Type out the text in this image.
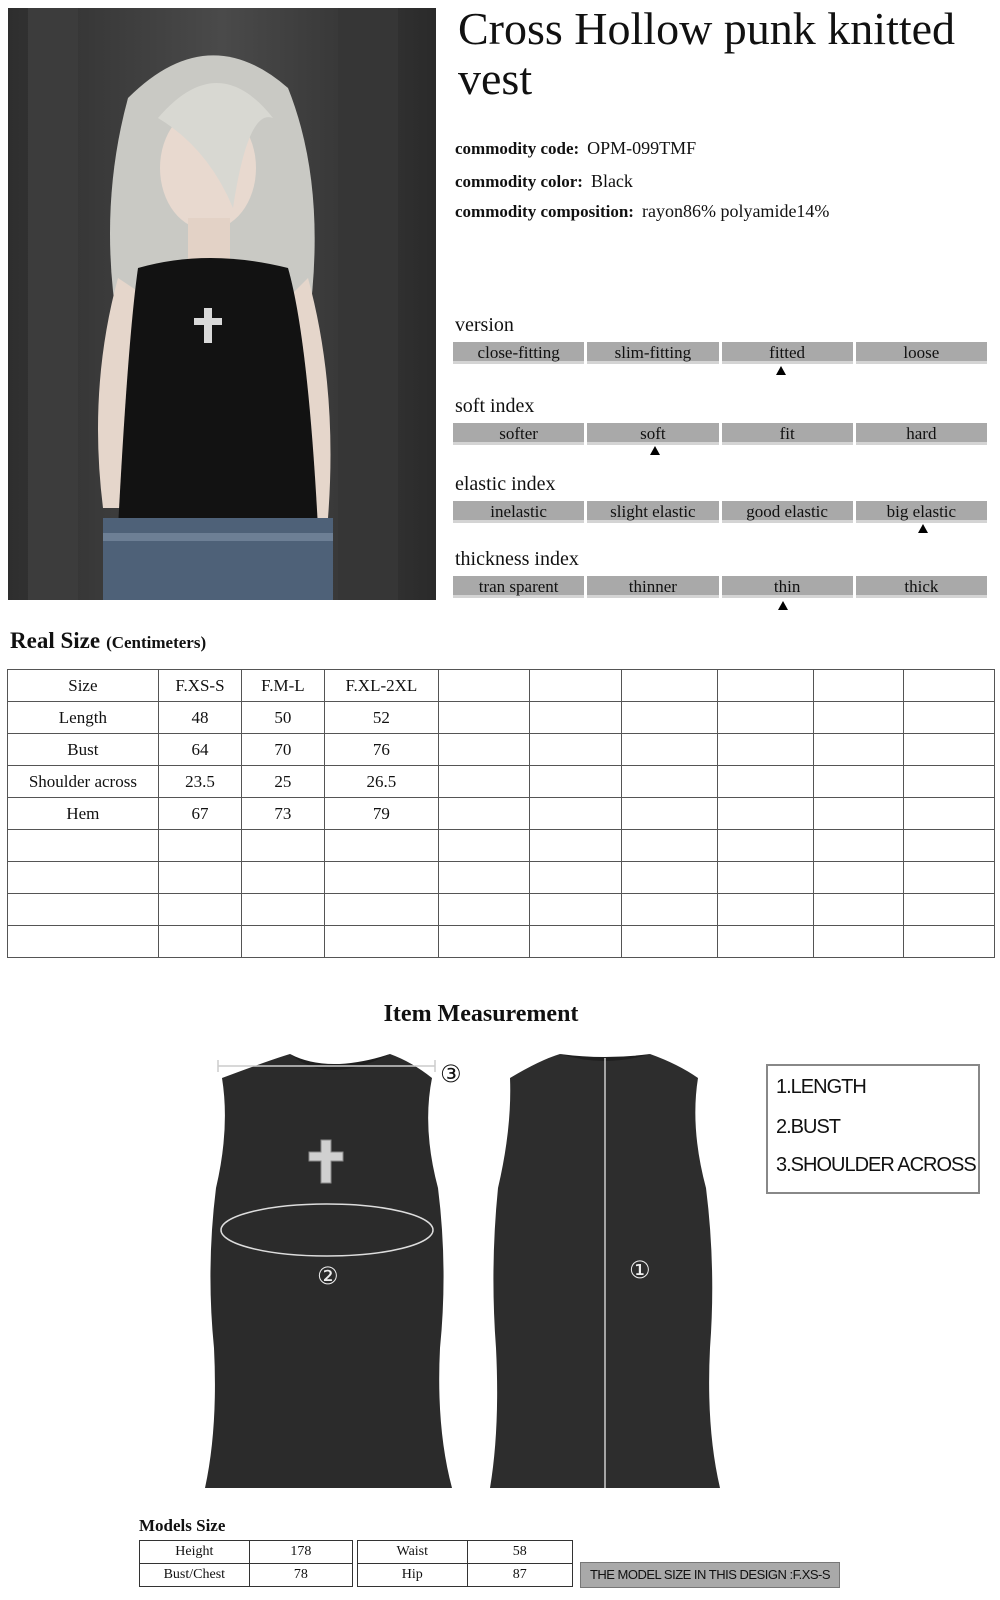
Cross Hollow punk knitted vest
commodity code: OPM-099TMF
commodity color: Black
commodity composition: rayon86% polyamide14%
version
close-fitting	slim-fitting	fitted	loose
soft index
softer	soft	fit	hard
elastic index
inelastic	slight elastic	good elastic	big elastic
thickness index
tran sparent	thinner	thin	thick
Real Size (Centimeters)
Size	F.XS-S	F.M-L	F.XL-2XL						
Length	48	50	52						
Bust	64	70	76						
Shoulder across	23.5	25	26.5						
Hem	67	73	79						

Item Measurement
③
②	①
1.LENGTH
2.BUST
3.SHOULDER ACROSS
Models Size
Height	178
Bust/Chest	78
Waist	58
Hip	87	THE MODEL SIZE IN THIS DESIGN :F.XS-S
